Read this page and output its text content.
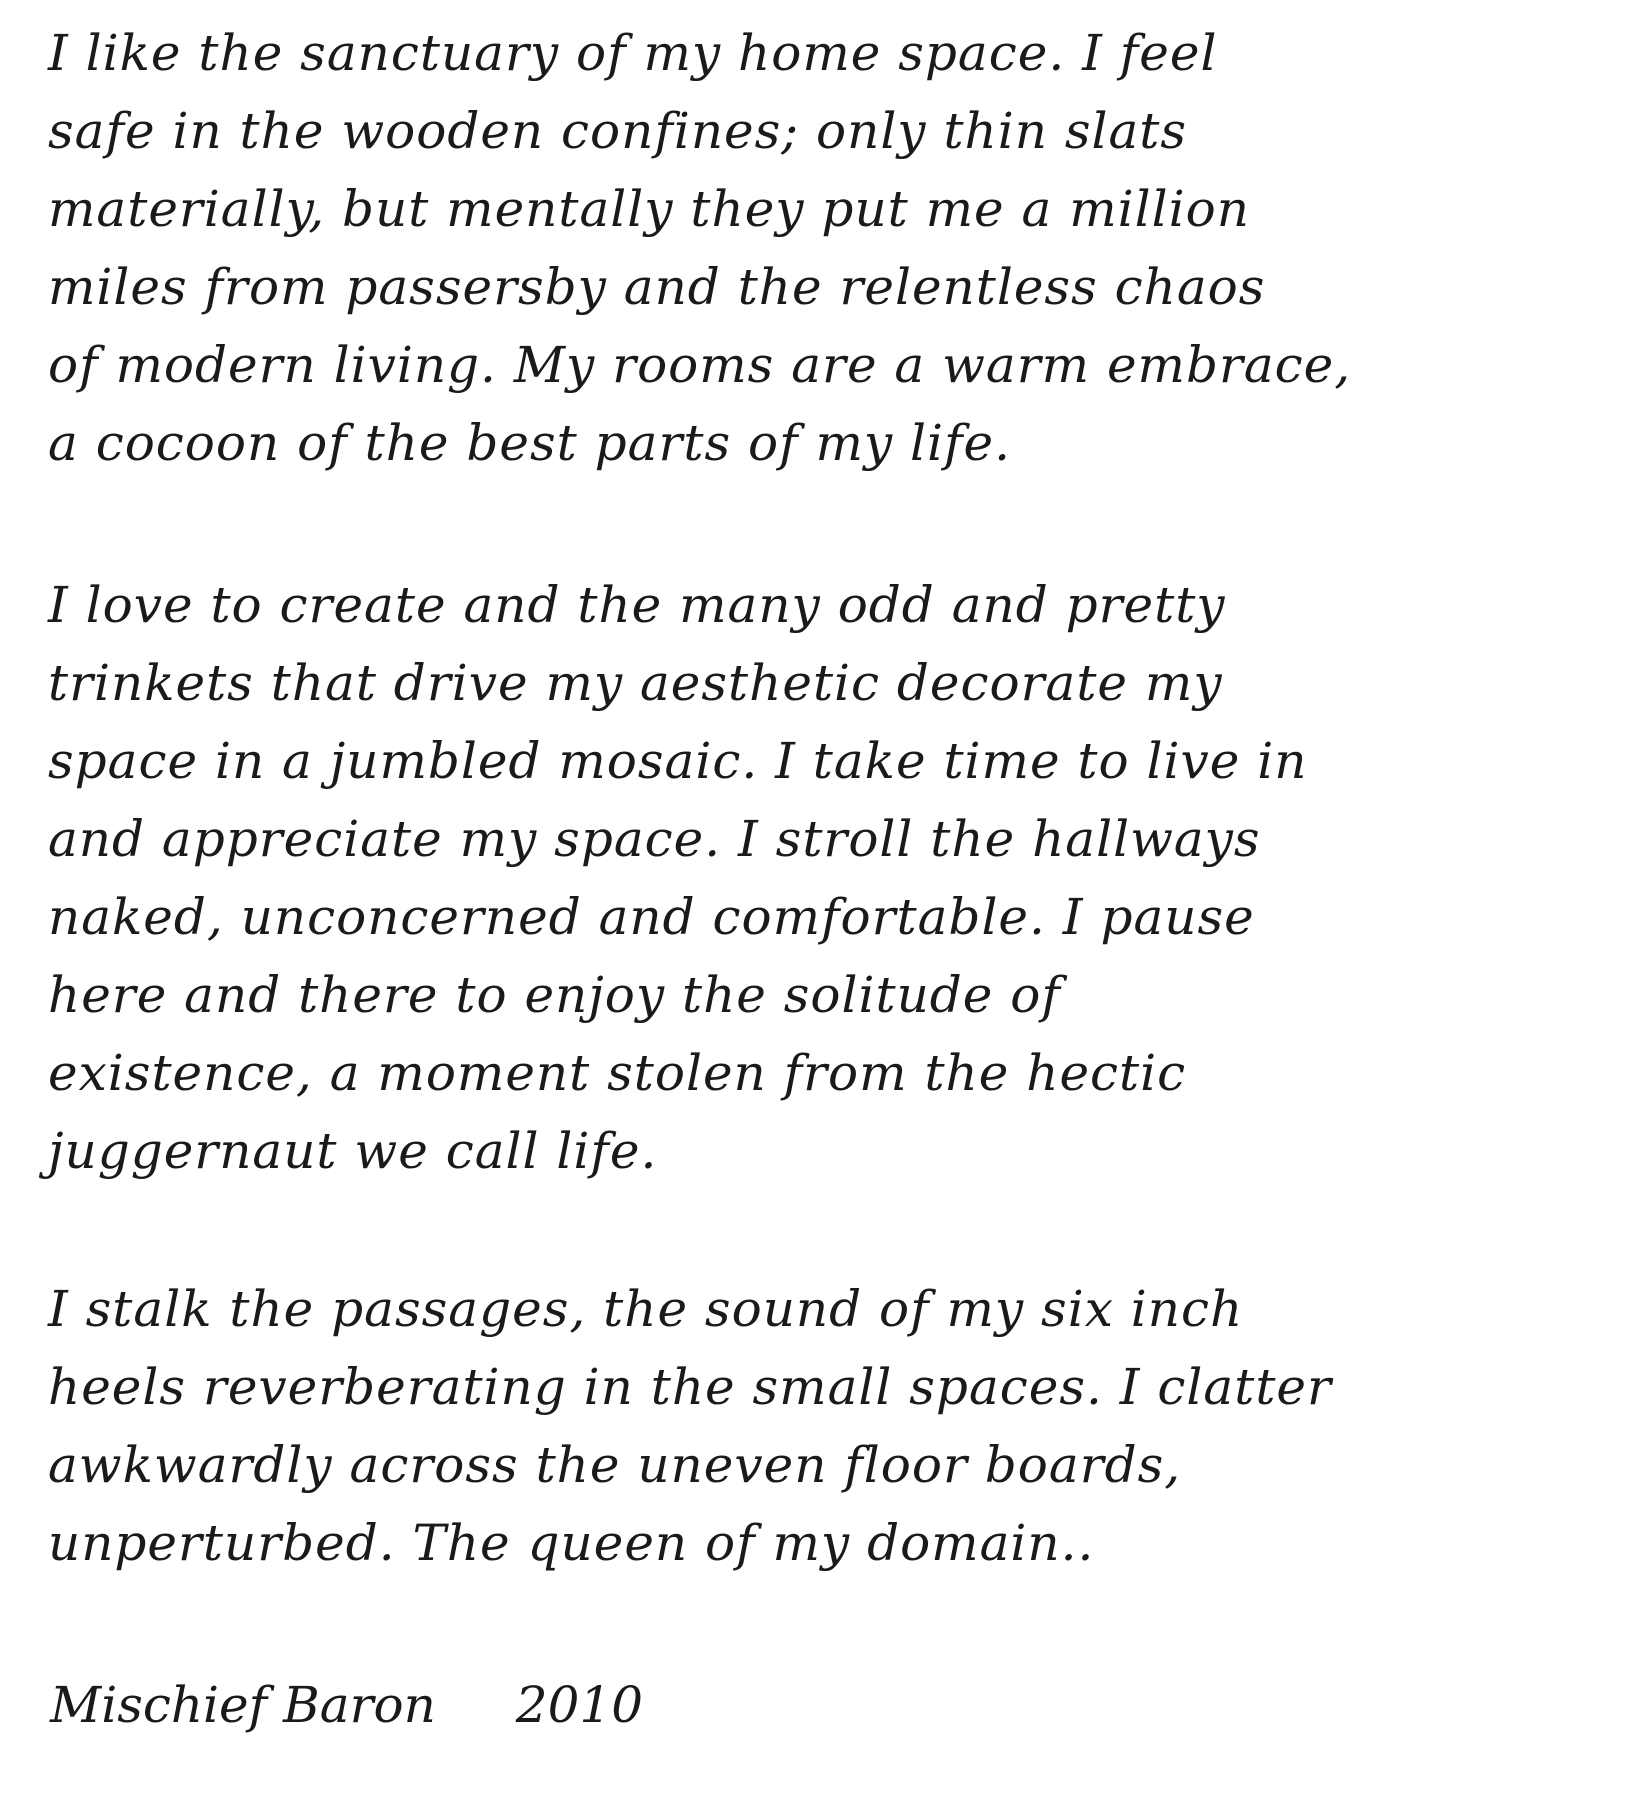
I like the sanctuary of my home space. I feel
safe in the wooden confines; only thin slats
materially, but mentally they put me a million
miles from passersby and the relentless chaos
of modern living. My rooms are a warm embrace,
a cocoon of the best parts of my life.
I love to create and the many odd and pretty
trinkets that drive my aesthetic decorate my
space in a jumbled mosaic. I take time to live in
and appreciate my space. I stroll the hallways
naked, unconcerned and comfortable. I pause
here and there to enjoy the solitude of
existence, a moment stolen from the hectic
juggernaut we call life.
I stalk the passages, the sound of my six inch
heels reverberating in the small spaces. I clatter
awkwardly across the uneven floor boards,
unperturbed. The queen of my domain..
Mischief Baron 2010
